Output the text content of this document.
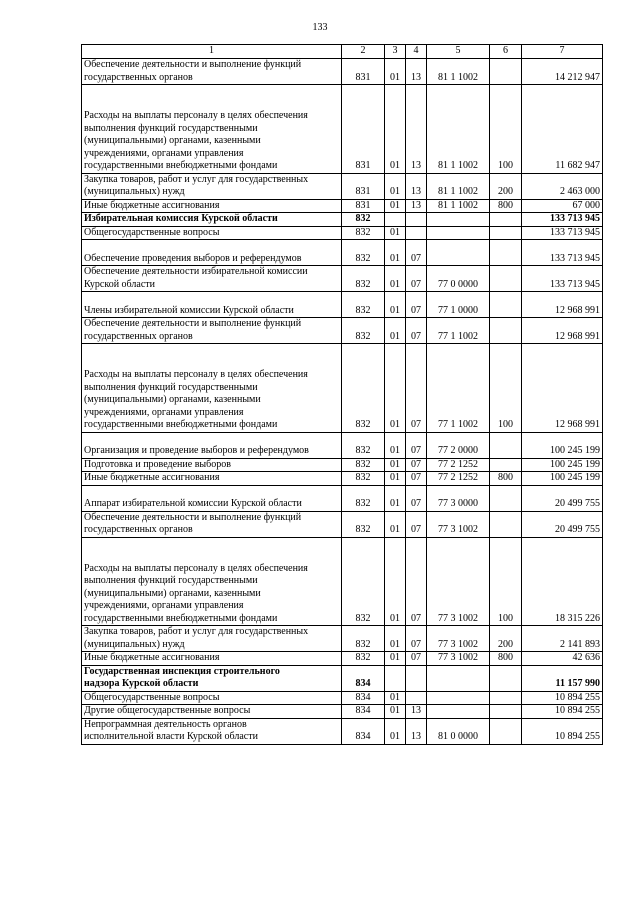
133
1	2	3	4	5	6	7

Обеспечение деятельности и выполнение функций
государственных органов	831	01	13	81 1 1002		14 212 947

Расходы на выплаты персоналу в целях обеспечения
выполнения функций государственными
(муниципальными) органами, казенными
учреждениями, органами управления
государственными внебюджетными фондами	831	01	13	81 1 1002	100	11 682 947

Закупка товаров, работ и услуг для государственных
(муниципальных) нужд	831	01	13	81 1 1002	200	2 463 000

Иные бюджетные ассигнования	831	01	13	81 1 1002	800	67 000

Избирательная комиссия Курской области	832					133 713 945

Общегосударственные вопросы	832	01				133 713 945

Обеспечение проведения выборов и референдумов	832	01	07			133 713 945

Обеспечение деятельности избирательной комиссии
Курской области	832	01	07	77 0 0000		133 713 945

Члены избирательной комиссии Курской области	832	01	07	77 1 0000		12 968 991

Обеспечение деятельности и выполнение функций
государственных органов	832	01	07	77 1 1002		12 968 991

Расходы на выплаты персоналу в целях обеспечения
выполнения функций государственными
(муниципальными) органами, казенными
учреждениями, органами управления
государственными внебюджетными фондами	832	01	07	77 1 1002	100	12 968 991

Организация и проведение выборов и референдумов	832	01	07	77 2 0000		100 245 199

Подготовка и проведение выборов	832	01	07	77 2 1252		100 245 199

Иные бюджетные ассигнования	832	01	07	77 2 1252	800	100 245 199

Аппарат избирательной комиссии Курской области	832	01	07	77 3 0000		20 499 755

Обеспечение деятельности и выполнение функций
государственных органов	832	01	07	77 3 1002		20 499 755

Расходы на выплаты персоналу в целях обеспечения
выполнения функций государственными
(муниципальными) органами, казенными
учреждениями, органами управления
государственными внебюджетными фондами	832	01	07	77 3 1002	100	18 315 226

Закупка товаров, работ и услуг для государственных
(муниципальных) нужд	832	01	07	77 3 1002	200	2 141 893

Иные бюджетные ассигнования	832	01	07	77 3 1002	800	42 636

Государственная инспекция строительного
надзора Курской области	834					11 157 990

Общегосударственные вопросы	834	01				10 894 255

Другие общегосударственные вопросы	834	01	13			10 894 255

Непрограммная деятельность органов
исполнительной власти Курской области	834	01	13	81 0 0000		10 894 255
